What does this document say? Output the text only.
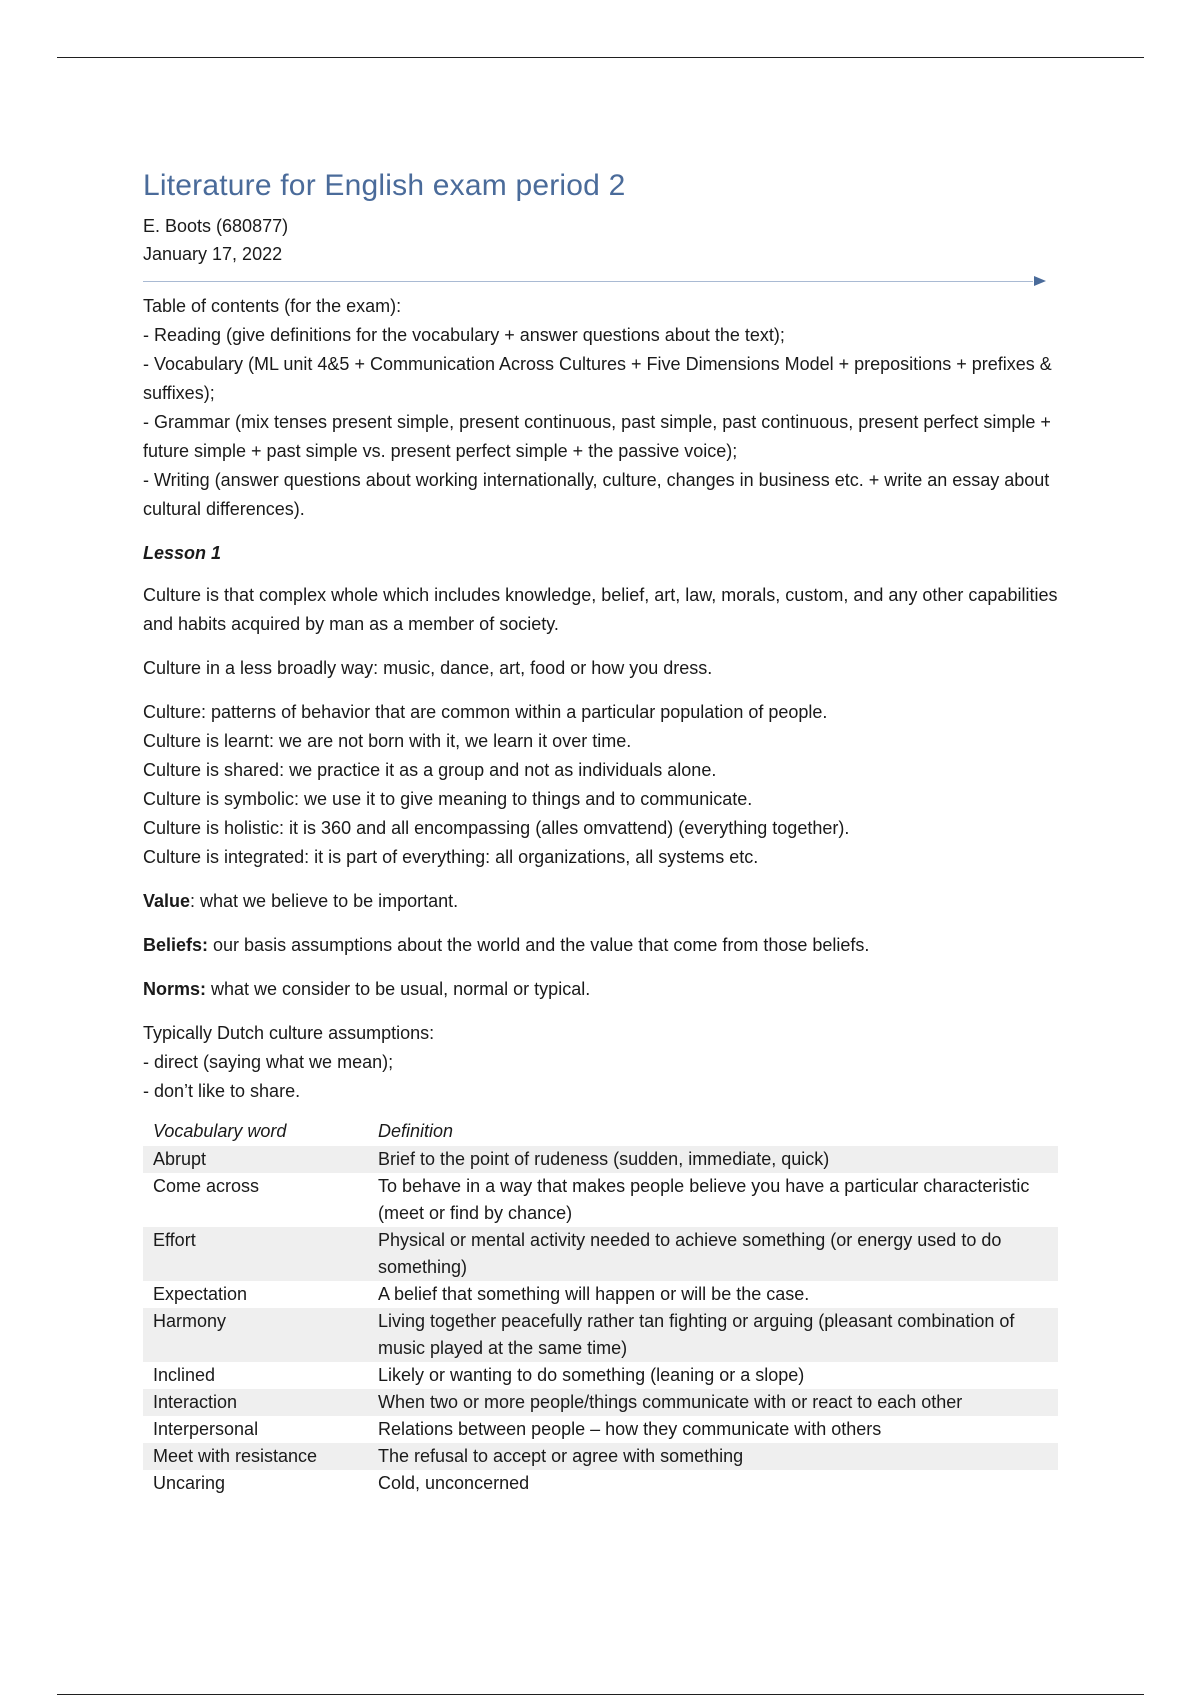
Literature for English exam period 2

E. Boots (680877)

January 17, 2022

Table of contents (for the exam):
- Reading (give definitions for the vocabulary + answer questions about the text);
- Vocabulary (ML unit 4&5 + Communication Across Cultures + Five Dimensions Model + prepositions + prefixes & suffixes);
- Grammar (mix tenses present simple, present continuous, past simple, past continuous, present perfect simple + future simple + past simple vs. present perfect simple + the passive voice);
- Writing (answer questions about working internationally, culture, changes in business etc. + write an essay about cultural differences).
Lesson 1

Culture is that complex whole which includes knowledge, belief, art, law, morals, custom, and any other capabilities and habits acquired by man as a member of society.

Culture in a less broadly way: music, dance, art, food or how you dress.

Culture: patterns of behavior that are common within a particular population of people.
Culture is learnt: we are not born with it, we learn it over time.
Culture is shared: we practice it as a group and not as individuals alone.
Culture is symbolic: we use it to give meaning to things and to communicate.
Culture is holistic: it is 360 and all encompassing (alles omvattend) (everything together).
Culture is integrated: it is part of everything: all organizations, all systems etc.

Value: what we believe to be important.

Beliefs: our basis assumptions about the world and the value that come from those beliefs.

Norms: what we consider to be usual, normal or typical.

Typically Dutch culture assumptions:
- direct (saying what we mean);
- don’t like to share.
Vocabulary word	Definition
Abrupt	Brief to the point of rudeness (sudden, immediate, quick)
Come across	To behave in a way that makes people believe you have a particular characteristic (meet or find by chance)
Effort	Physical or mental activity needed to achieve something (or energy used to do something)
Expectation	A belief that something will happen or will be the case.
Harmony	Living together peacefully rather tan fighting or arguing (pleasant combination of music played at the same time)
Inclined	Likely or wanting to do something (leaning or a slope)
Interaction	When two or more people/things communicate with or react to each other
Interpersonal	Relations between people – how they communicate with others
Meet with resistance	The refusal to accept or agree with something
Uncaring	Cold, unconcerned
